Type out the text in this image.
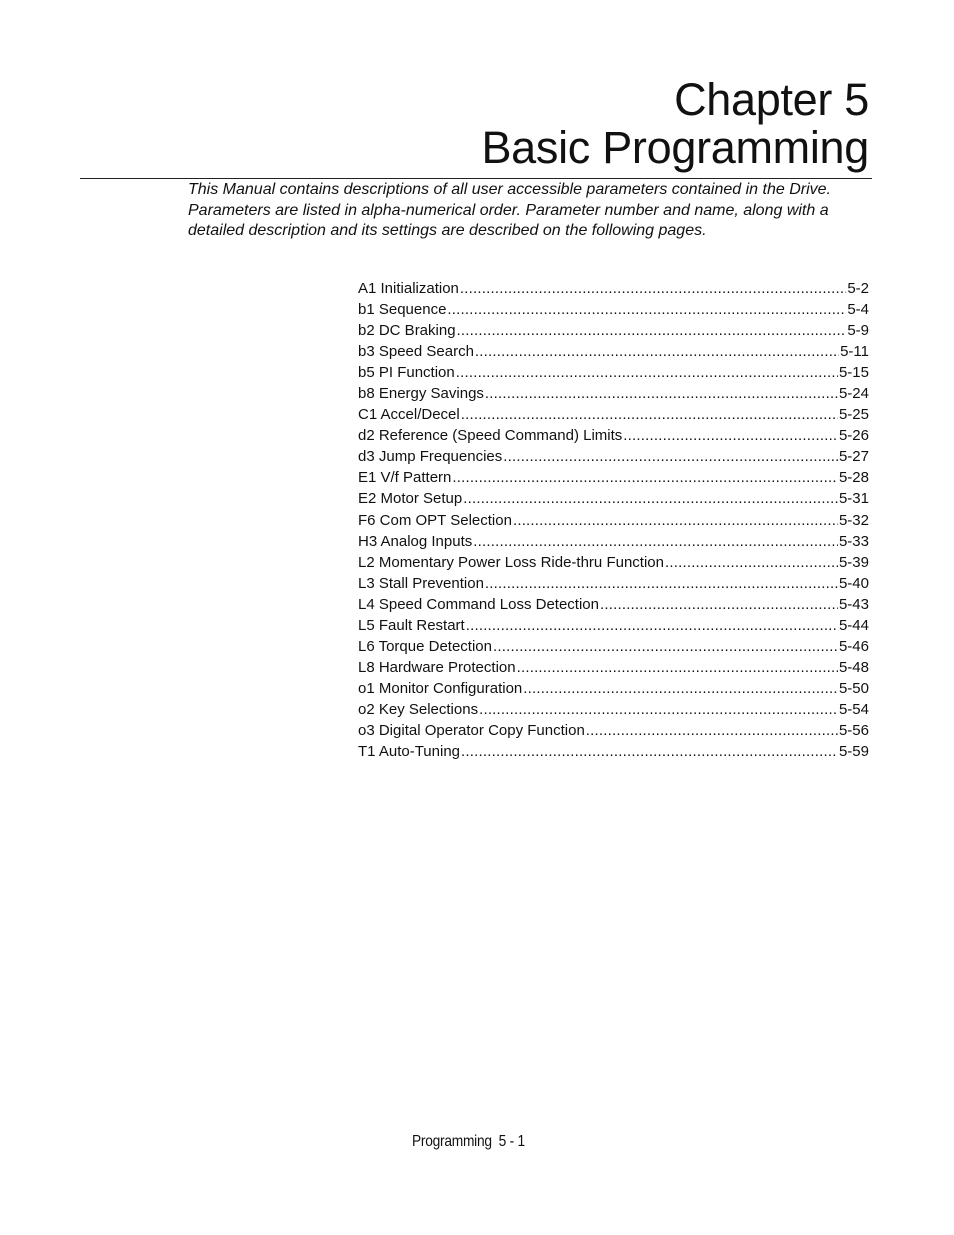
Chapter 5
Basic Programming
This Manual contains descriptions of all user accessible parameters contained in the Drive.
Parameters are listed in alpha-numerical order. Parameter number and name, along with a
detailed description and its settings are described on the following pages.
A1 Initialization .....	5-2
b1 Sequence .....	5-4
b2 DC Braking .....	5-9
b3 Speed Search .....	5-11
b5 PI Function .....	5-15
b8 Energy Savings .....	5-24
C1 Accel/Decel .....	5-25
d2 Reference (Speed Command) Limits .....	5-26
d3 Jump Frequencies .....	5-27
E1 V/f Pattern .....	5-28
E2 Motor Setup .....	5-31
F6 Com OPT Selection .....	5-32
H3 Analog Inputs .....	5-33
L2 Momentary Power Loss Ride-thru Function .....	5-39
L3 Stall Prevention .....	5-40
L4 Speed Command Loss Detection .....	5-43
L5 Fault Restart .....	5-44
L6 Torque Detection .....	5-46
L8 Hardware Protection .....	5-48
o1 Monitor Configuration .....	5-50
o2 Key Selections .....	5-54
o3 Digital Operator Copy Function .....	5-56
T1 Auto-Tuning .....	5-59
Programming 5 - 1
